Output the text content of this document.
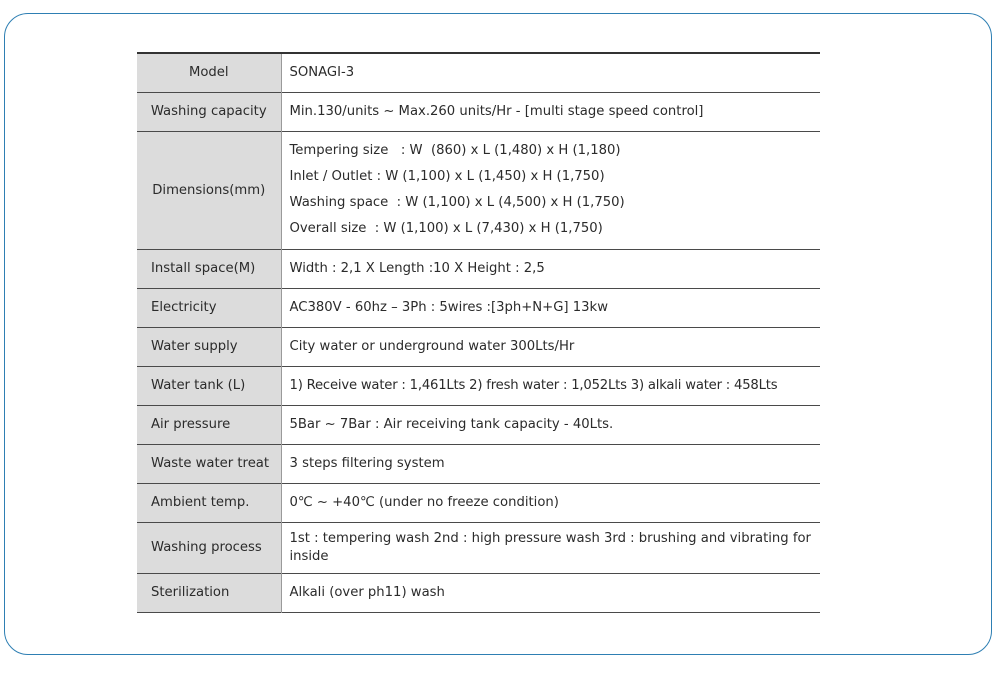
Model	SONAGI-3
Washing capacity	Min.130/units ~ Max.260 units/Hr - [multi stage speed control]
Dimensions(mm)	Tempering size   : W  (860) x L (1,480) x H (1,180)
Inlet / Outlet : W (1,100) x L (1,450) x H (1,750)
Washing space  : W (1,100) x L (4,500) x H (1,750)
Overall size  : W (1,100) x L (7,430) x H (1,750)

Install space(M)	Width : 2,1 X Length :10 X Height : 2,5
Electricity	AC380V - 60hz – 3Ph : 5wires :[3ph+N+G] 13kw
Water supply	City water or underground water 300Lts/Hr
Water tank (L)	1) Receive water : 1,461Lts 2) fresh water : 1,052Lts 3) alkali water : 458Lts
Air pressure	5Bar ~ 7Bar : Air receiving tank capacity - 40Lts.
Waste water treat	3 steps filtering system
Ambient temp.	0℃ ~ +40℃ (under no freeze condition)
Washing process	1st : tempering wash 2nd : high pressure wash 3rd : brushing and vibrating for inside
Sterilization	Alkali (over ph11) wash
